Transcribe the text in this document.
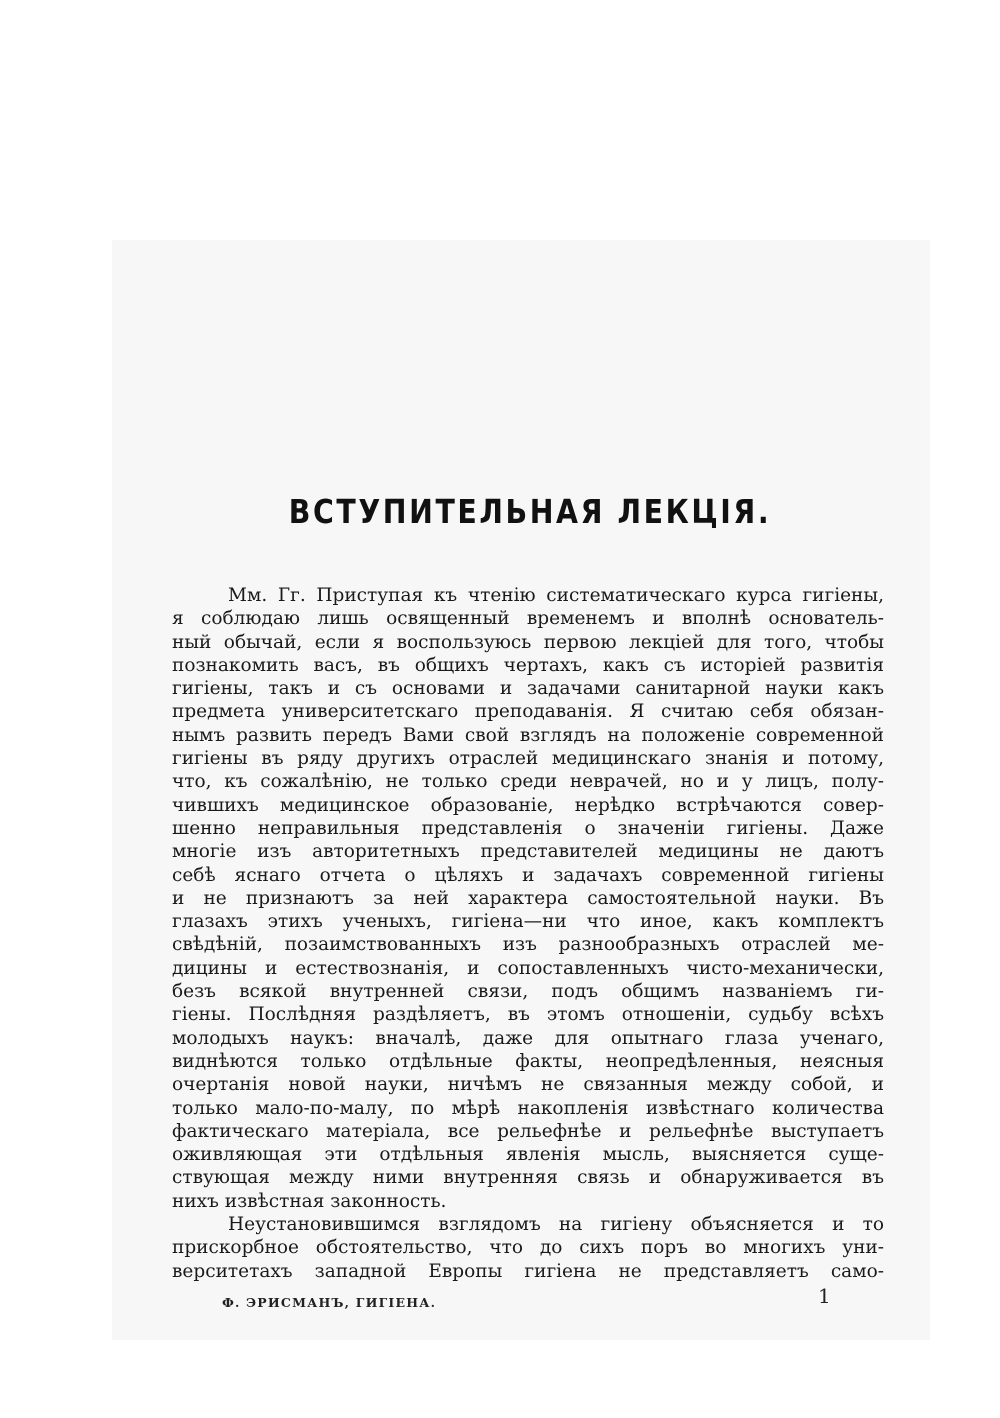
ВСТУПИТЕЛЬНАЯ ЛЕКЦІЯ.
Мм. Гг. Приступая къ чтенію систематическаго курса гигіены,
я соблюдаю лишь освященный временемъ и вполнѣ основатель-
ный обычай, если я воспользуюсь первою лекціей для того, чтобы
познакомить васъ, въ общихъ чертахъ, какъ съ исторіей развитія
гигіены, такъ и съ основами и задачами санитарной науки какъ
предмета университетскаго преподаванія. Я считаю себя обязан-
нымъ развить передъ Вами свой взглядъ на положеніе современной
гигіены въ ряду другихъ отраслей медицинскаго знанія и потому,
что, къ сожалѣнію, не только среди неврачей, но и у лицъ, полу-
чившихъ медицинское образованіе, нерѣдко встрѣчаются совер-
шенно неправильныя представленія о значеніи гигіены. Даже
многіе изъ авторитетныхъ представителей медицины не даютъ
себѣ яснаго отчета о цѣляхъ и задачахъ современной гигіены
и не признаютъ за ней характера самостоятельной науки. Въ
глазахъ этихъ ученыхъ, гигіена—ни что иное, какъ комплектъ
свѣдѣній, позаимствованныхъ изъ разнообразныхъ отраслей ме-
дицины и естествознанія, и сопоставленныхъ чисто-механически,
безъ всякой внутренней связи, подъ общимъ названіемъ ги-
гіены. Послѣдняя раздѣляетъ, въ этомъ отношеніи, судьбу всѣхъ
молодыхъ наукъ: вначалѣ, даже для опытнаго глаза ученаго,
виднѣются только отдѣльные факты, неопредѣленныя, неясныя
очертанія новой науки, ничѣмъ не связанныя между собой, и
только мало-по-малу, по мѣрѣ накопленія извѣстнаго количества
фактическаго матеріала, все рельефнѣе и рельефнѣе выступаетъ
оживляющая эти отдѣльныя явленія мысль, выясняется суще-
ствующая между ними внутренняя связь и обнаруживается въ
нихъ извѣстная законность.
Неустановившимся взглядомъ на гигіену объясняется и то
прискорбное обстоятельство, что до сихъ поръ во многихъ уни-
верситетахъ западной Европы гигіена не представляетъ само-
Ф. ЭРИСМАНЪ, ГИГІЕНА.	1
